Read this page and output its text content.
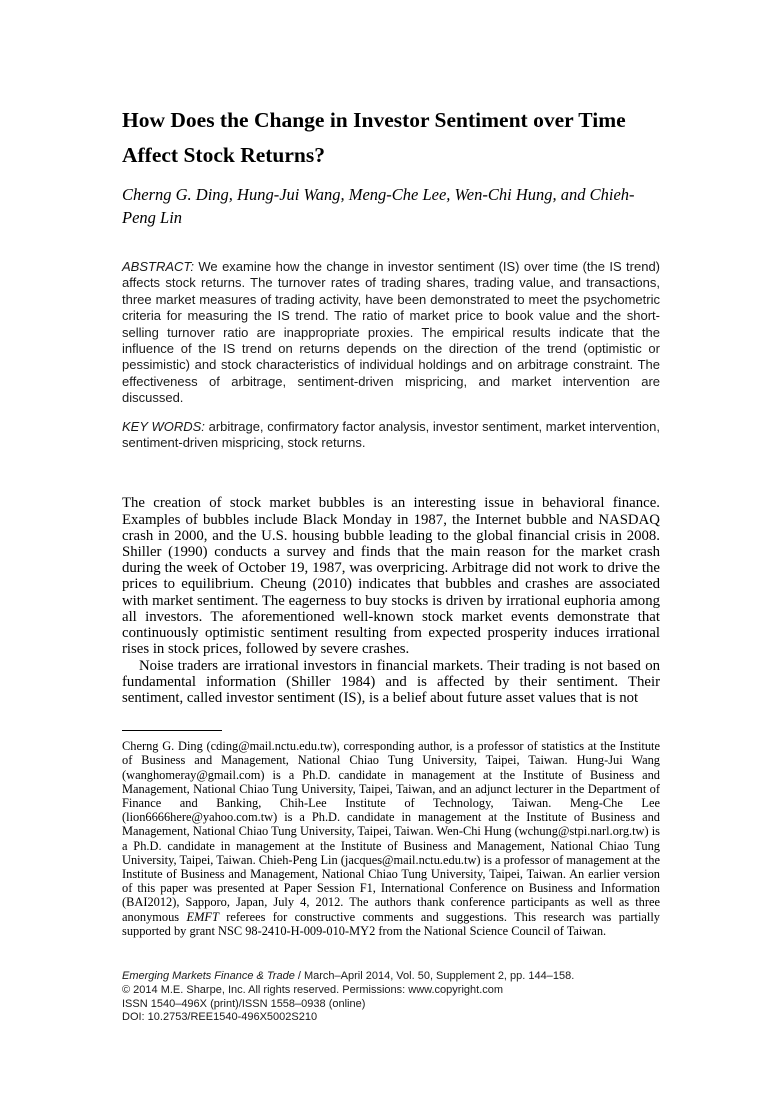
How Does the Change in Investor Sentiment over Time Affect Stock Returns?
Cherng G. Ding, Hung-Jui Wang, Meng-Che Lee, Wen-Chi Hung, and Chieh-Peng Lin
ABSTRACT: We examine how the change in investor sentiment (IS) over time (the IS trend) affects stock returns. The turnover rates of trading shares, trading value, and transactions, three market measures of trading activity, have been demonstrated to meet the psychometric criteria for measuring the IS trend. The ratio of market price to book value and the short-selling turnover ratio are inappropriate proxies. The empirical results indicate that the influence of the IS trend on returns depends on the direction of the trend (optimistic or pessimistic) and stock characteristics of individual holdings and on arbitrage constraint. The effectiveness of arbitrage, sentiment-driven mispricing, and market intervention are discussed.
KEY WORDS: arbitrage, confirmatory factor analysis, investor sentiment, market intervention, sentiment-driven mispricing, stock returns.

The creation of stock market bubbles is an interesting issue in behavioral finance. Examples of bubbles include Black Monday in 1987, the Internet bubble and NASDAQ crash in 2000, and the U.S. housing bubble leading to the global financial crisis in 2008. Shiller (1990) conducts a survey and finds that the main reason for the market crash during the week of October 19, 1987, was overpricing. Arbitrage did not work to drive the prices to equilibrium. Cheung (2010) indicates that bubbles and crashes are associated with market sentiment. The eagerness to buy stocks is driven by irrational euphoria among all investors. The aforementioned well-known stock market events demonstrate that continuously optimistic sentiment resulting from expected prosperity induces irrational rises in stock prices, followed by severe crashes.

Noise traders are irrational investors in financial markets. Their trading is not based on fundamental information (Shiller 1984) and is affected by their sentiment. Their sentiment, called investor sentiment (IS), is a belief about future asset values that is not

Cherng G. Ding (cding@mail.nctu.edu.tw), corresponding author, is a professor of statistics at the Institute of Business and Management, National Chiao Tung University, Taipei, Taiwan. Hung-Jui Wang (wanghomeray@gmail.com) is a Ph.D. candidate in management at the Institute of Business and Management, National Chiao Tung University, Taipei, Taiwan, and an adjunct lecturer in the Department of Finance and Banking, Chih-Lee Institute of Technology, Taiwan. Meng-Che Lee (lion6666here@yahoo.com.tw) is a Ph.D. candidate in management at the Institute of Business and Management, National Chiao Tung University, Taipei, Taiwan. Wen-Chi Hung (wchung@stpi.narl.org.tw) is a Ph.D. candidate in management at the Institute of Business and Management, National Chiao Tung University, Taipei, Taiwan. Chieh-Peng Lin (jacques@mail.nctu.edu.tw) is a professor of management at the Institute of Business and Management, National Chiao Tung University, Taipei, Taiwan. An earlier version of this paper was presented at Paper Session F1, International Conference on Business and Information (BAI2012), Sapporo, Japan, July 4, 2012. The authors thank conference participants as well as three anonymous EMFT referees for constructive comments and suggestions. This research was partially supported by grant NSC 98-2410-H-009-010-MY2 from the National Science Council of Taiwan.

Emerging Markets Finance & Trade / March–April 2014, Vol. 50, Supplement 2, pp. 144–158.
© 2014 M.E. Sharpe, Inc. All rights reserved. Permissions: www.copyright.com
ISSN 1540–496X (print)/ISSN 1558–0938 (online)
DOI: 10.2753/REE1540-496X5002S210
